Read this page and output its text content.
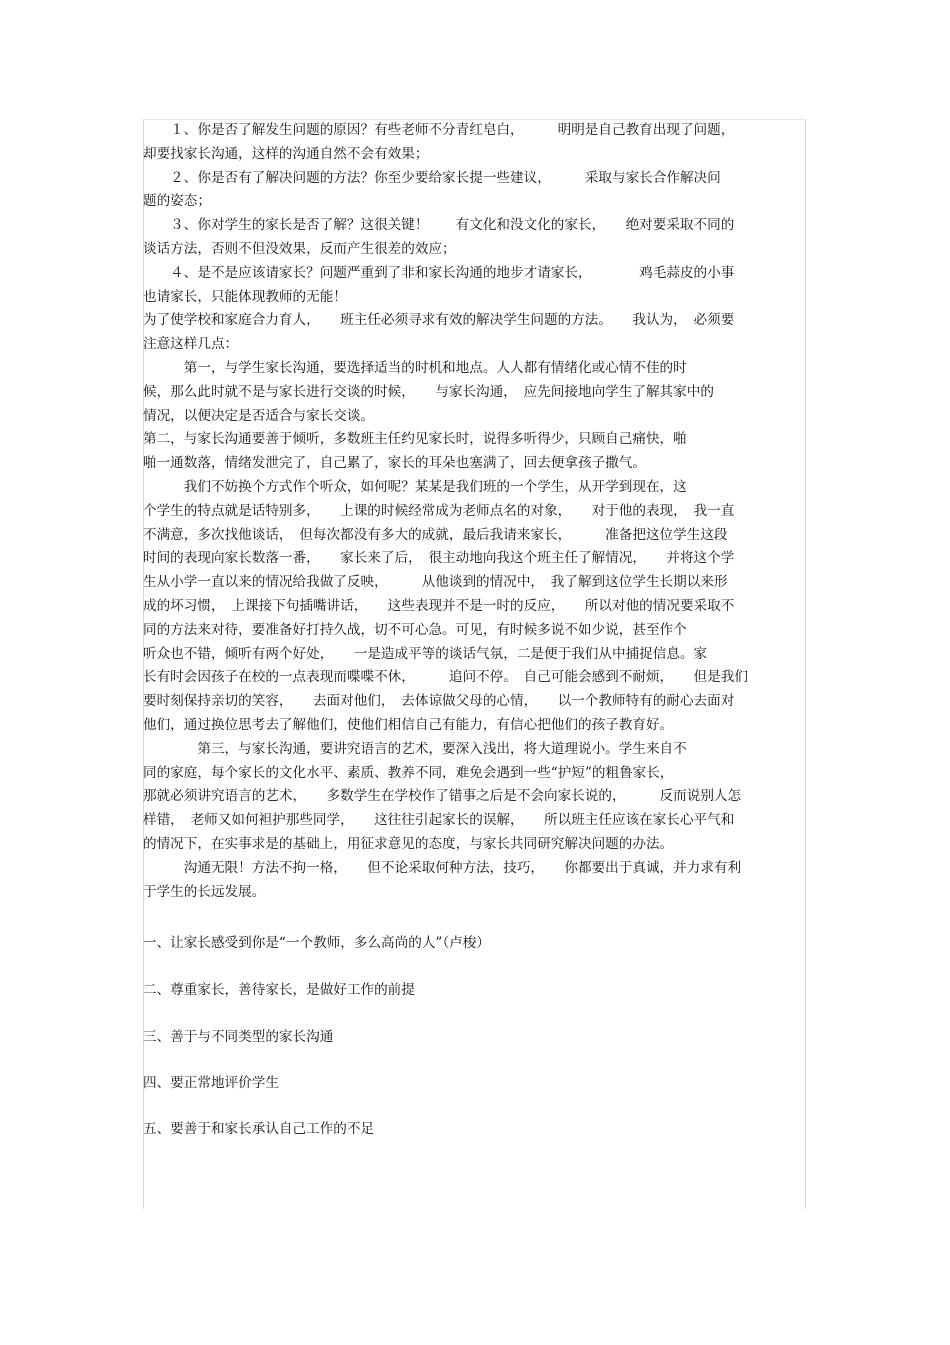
　　１、你是否了解发生问题的原因？有些老师不分青红皂白，　　　明明是自己教育出现了问题，
却要找家长沟通，这样的沟通自然不会有效果；
　　２、你是否有了解决问题的方法？你至少要给家长提一些建议，　　　采取与家长合作解决问
题的姿态；
　　３、你对学生的家长是否了解？这很关键！　　有文化和没文化的家长，　　绝对要采取不同的
谈话方法，否则不但没效果，反而产生很差的效应；
　　４、是不是应该请家长？问题严重到了非和家长沟通的地步才请家长，　　　　鸡毛蒜皮的小事
也请家长，只能体现教师的无能！
为了使学校和家庭合力育人，　　班主任必须寻求有效的解决学生问题的方法。　　我认为，　必须要
注意这样几点：
　　　第一，与学生家长沟通，要选择适当的时机和地点。人人都有情绪化或心情不佳的时
候，那么此时就不是与家长进行交谈的时候，　　与家长沟通，　应先间接地向学生了解其家中的
情况，以便决定是否适合与家长交谈。
第二，与家长沟通要善于倾听，多数班主任约见家长时，说得多听得少，只顾自己痛快，啪
啪一通数落，情绪发泄完了，自己累了，家长的耳朵也塞满了，回去便拿孩子撒气。
　　　我们不妨换个方式作个听众，如何呢？某某是我们班的一个学生，从开学到现在，这
个学生的特点就是话特别多，　　上课的时候经常成为老师点名的对象，　　对于他的表现，　我一直
不满意，多次找他谈话，　但每次都没有多大的成就，最后我请来家长，　　　准备把这位学生这段
时间的表现向家长数落一番，　　家长来了后，　很主动地向我这个班主任了解情况，　　并将这个学
生从小学一直以来的情况给我做了反映，　　　从他谈到的情况中，　我了解到这位学生长期以来形
成的坏习惯，　上课接下句插嘴讲话，　　这些表现并不是一时的反应，　　所以对他的情况要采取不
同的方法来对待，要准备好打持久战，切不可心急。可见，有时候多说不如少说，甚至作个
听众也不错，倾听有两个好处，　　一是造成平等的谈话气氛，二是便于我们从中捕捉信息。家
长有时会因孩子在校的一点表现而喋喋不休，　　　追问不停。　自己可能会感到不耐烦，　　但是我们
要时刻保持亲切的笑容，　　去面对他们，　去体谅做父母的心情，　　以一个教师特有的耐心去面对
他们，通过换位思考去了解他们，使他们相信自己有能力，有信心把他们的孩子教育好。
　　　　第三，与家长沟通，要讲究语言的艺术，要深入浅出，将大道理说小。学生来自不
同的家庭，每个家长的文化水平、素质、教养不同，难免会遇到一些“护短”的粗鲁家长，
那就必须讲究语言的艺术，　　多数学生在学校作了错事之后是不会向家长说的，　　　反而说别人怎
样错，　老师又如何袒护那些同学，　　这往往引起家长的误解，　　所以班主任应该在家长心平气和
的情况下，在实事求是的基础上，用征求意见的态度，与家长共同研究解决问题的办法。
　　　沟通无限！方法不拘一格，　　但不论采取何种方法，技巧，　　你都要出于真诚，并力求有利
于学生的长远发展。
一、让家长感受到你是“一个教师，多么高尚的人”（卢梭）
二、尊重家长，善待家长，是做好工作的前提
三、善于与不同类型的家长沟通
四、要正常地评价学生
五、要善于和家长承认自己工作的不足
